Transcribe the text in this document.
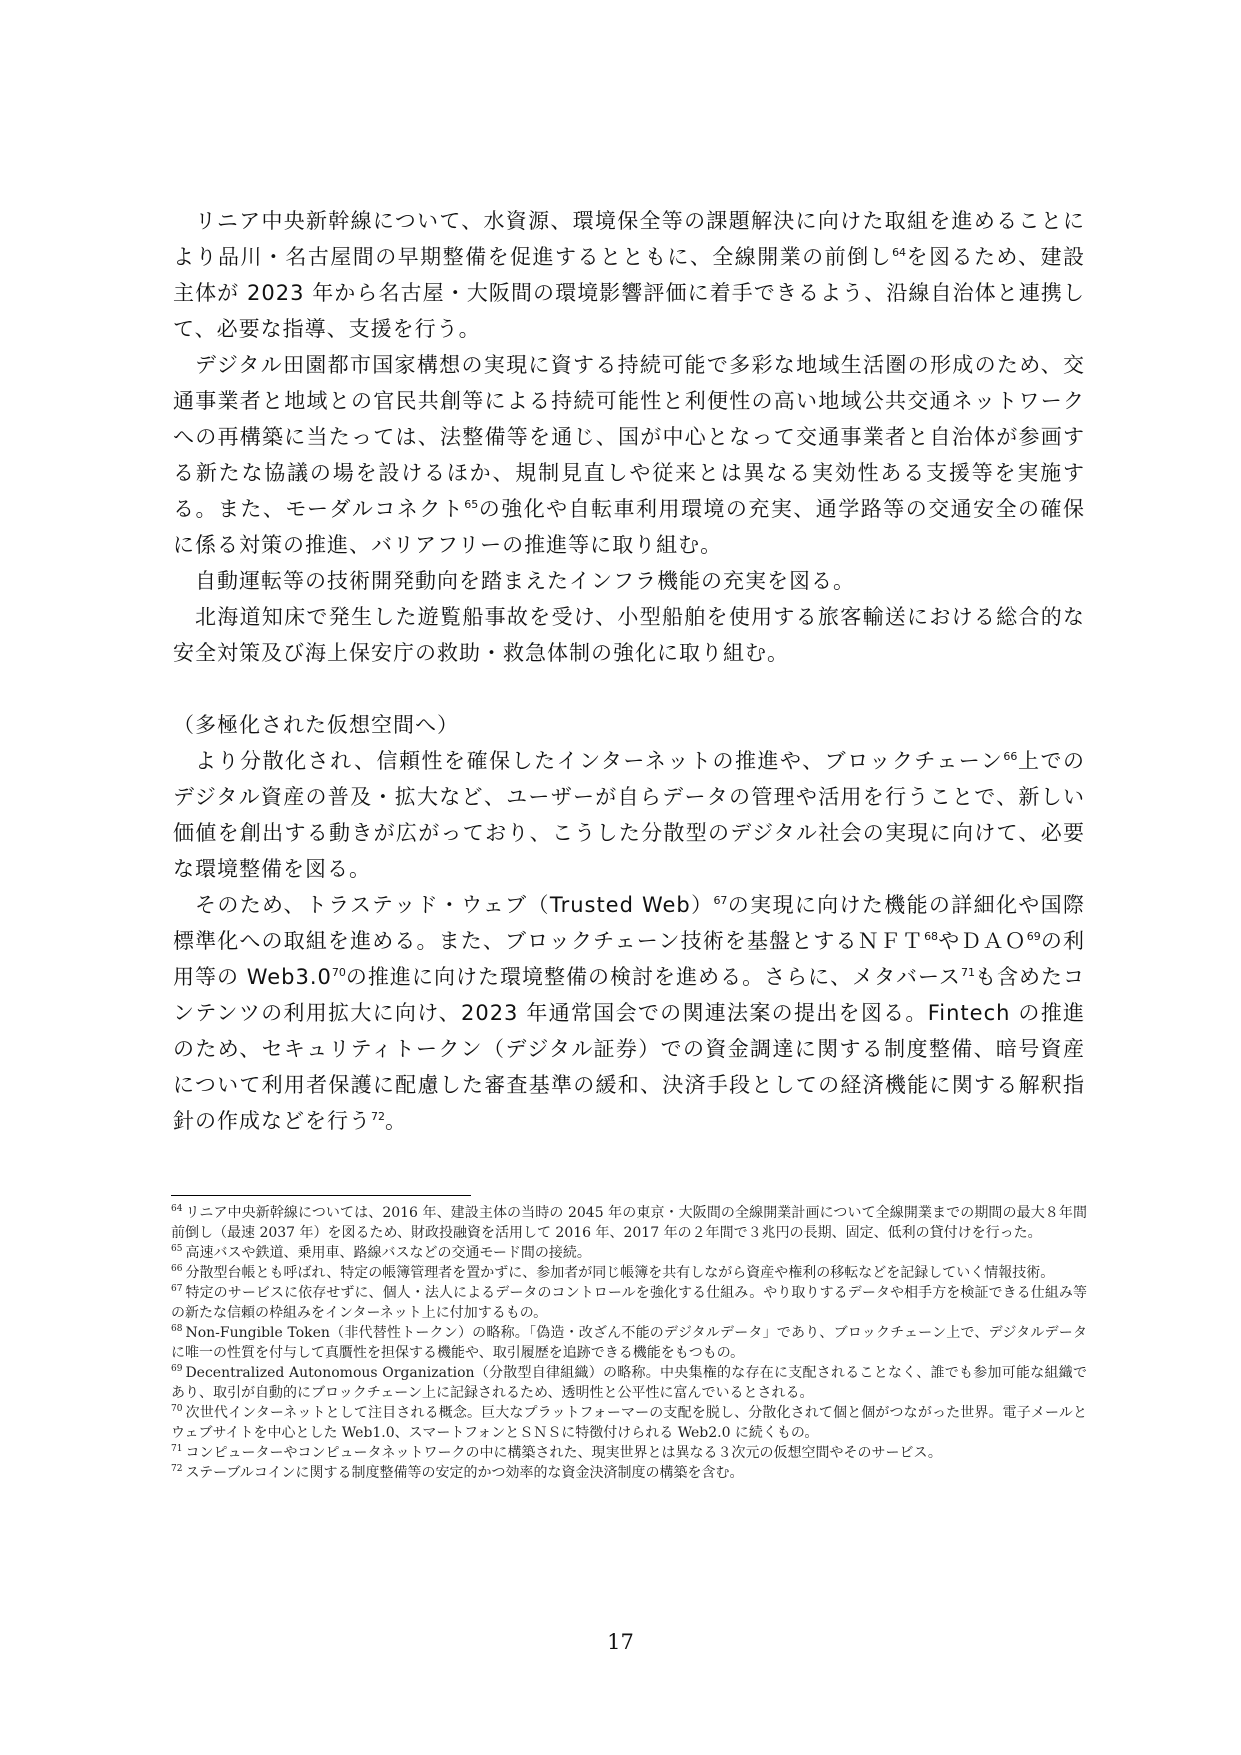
リニア中央新幹線について、水資源、環境保全等の課題解決に向けた取組を進めることにより品川・名古屋間の早期整備を促進するとともに、全線開業の前倒し$^{64}$を図るため、建設主体が 2023 年から名古屋・大阪間の環境影響評価に着手できるよう、沿線自治体と連携して、必要な指導、支援を行う。

デジタル田園都市国家構想の実現に資する持続可能で多彩な地域生活圏の形成のため、交通事業者と地域との官民共創等による持続可能性と利便性の高い地域公共交通ネットワークへの再構築に当たっては、法整備等を通じ、国が中心となって交通事業者と自治体が参画する新たな協議の場を設けるほか、規制見直しや従来とは異なる実効性ある支援等を実施する。また、モーダルコネクト$^{65}$の強化や自転車利用環境の充実、通学路等の交通安全の確保に係る対策の推進、バリアフリーの推進等に取り組む。

自動運転等の技術開発動向を踏まえたインフラ機能の充実を図る。

北海道知床で発生した遊覧船事故を受け、小型船舶を使用する旅客輸送における総合的な安全対策及び海上保安庁の救助・救急体制の強化に取り組む。

（多極化された仮想空間へ）

より分散化され、信頼性を確保したインターネットの推進や、ブロックチェーン$^{66}$上でのデジタル資産の普及・拡大など、ユーザーが自らデータの管理や活用を行うことで、新しい価値を創出する動きが広がっており、こうした分散型のデジタル社会の実現に向けて、必要な環境整備を図る。

そのため、トラステッド・ウェブ（Trusted Web）$^{67}$の実現に向けた機能の詳細化や国際標準化への取組を進める。また、ブロックチェーン技術を基盤とするＮＦＴ$^{68}$やＤＡＯ$^{69}$の利用等の $Web3.0^{70}$の推進に向けた環境整備の検討を進める。さらに、メタバース$^{71}$も含めたコンテンツの利用拡大に向け、2023 年通常国会での関連法案の提出を図る。Fintech の推進のため、セキュリティトークン（デジタル証券）での資金調達に関する制度整備、暗号資産について利用者保護に配慮した審査基準の緩和、決済手段としての経済機能に関する解釈指針の作成などを行う$^{72}$。

$^{64}$ リニア中央新幹線については、2016 年、建設主体の当時の 2045 年の東京・大阪間の全線開業計画について全線開業までの期間の最大８年間前倒し（最速 2037 年）を図るため、財政投融資を活用して 2016 年、2017 年の２年間で３兆円の長期、固定、低利の貸付けを行った。

$^{65}$ 高速バスや鉄道、乗用車、路線バスなどの交通モード間の接続。

$^{66}$ 分散型台帳とも呼ばれ、特定の帳簿管理者を置かずに、参加者が同じ帳簿を共有しながら資産や権利の移転などを記録していく情報技術。

$^{67}$ 特定のサービスに依存せずに、個人・法人によるデータのコントロールを強化する仕組み。やり取りするデータや相手方を検証できる仕組み等の新たな信頼の枠組みをインターネット上に付加するもの。

$^{68}$ Non-Fungible Token（非代替性トークン）の略称。「偽造・改ざん不能のデジタルデータ」であり、ブロックチェーン上で、デジタルデータに唯一の性質を付与して真贋性を担保する機能や、取引履歴を追跡できる機能をもつもの。

$^{69}$ Decentralized Autonomous Organization（分散型自律組織）の略称。中央集権的な存在に支配されることなく、誰でも参加可能な組織であり、取引が自動的にブロックチェーン上に記録されるため、透明性と公平性に富んでいるとされる。

$^{70}$ 次世代インターネットとして注目される概念。巨大なプラットフォーマーの支配を脱し、分散化されて個と個がつながった世界。電子メールとウェブサイトを中心とした Web1.0、スマートフォンとＳＮＳに特徴付けられる Web2.0 に続くもの。

$^{71}$ コンピューターやコンピュータネットワークの中に構築された、現実世界とは異なる３次元の仮想空間やそのサービス。

$^{72}$ ステーブルコインに関する制度整備等の安定的かつ効率的な資金決済制度の構築を含む。

17
